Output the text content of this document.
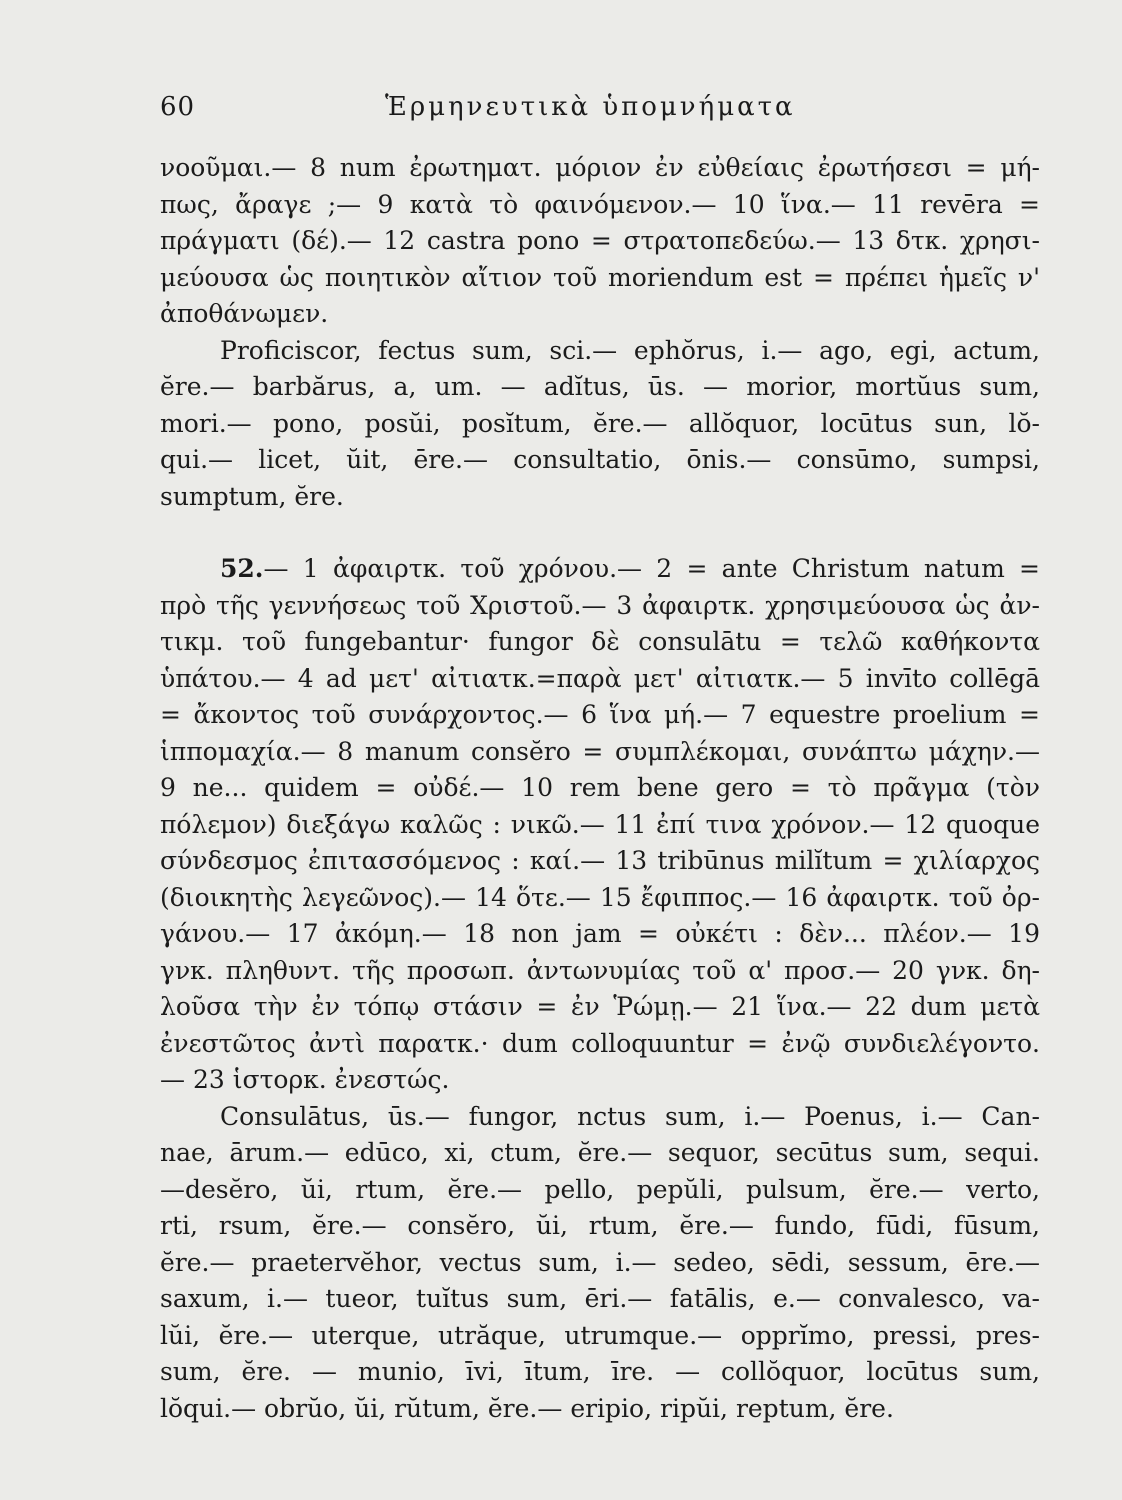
60	Ἑρμηνευτικὰ ὑπομνήματα
νοοῦμαι.— 8 num ἐρωτηματ. μόριον ἐν εὐθείαις ἐρωτήσεσι = μή-
πως, ἄραγε ;— 9 κατὰ τὸ φαινόμενον.— 10 ἵνα.— 11 revēra =
πράγματι (δέ).— 12 castra pono = στρατοπεδεύω.— 13 δτκ. χρησι-
μεύουσα ὡς ποιητικὸν αἴτιον τοῦ moriendum est = πρέπει ἡμεῖς ν'
ἀποθάνωμεν.
Proficiscor, fectus sum, sci.— ephŏrus, i.— ago, egi, actum,
ĕre.— barbărus, a, um. — adĭtus, ūs. — morior, mortŭus sum,
mori.— pono, posŭi, posĭtum, ĕre.— allŏquor, locūtus sun, lŏ-
qui.— licet, ŭit, ēre.— consultatio, ōnis.— consūmo, sumpsi,
sumptum, ĕre.
52.— 1 ἀφαιρτκ. τοῦ χρόνου.— 2 = ante Christum natum =
πρὸ τῆς γεννήσεως τοῦ Χριστοῦ.— 3 ἀφαιρτκ. χρησιμεύουσα ὡς ἀν-
τικμ. τοῦ fungebantur· fungor δὲ consulātu = τελῶ καθήκοντα
ὑπάτου.— 4 ad μετ' αἰτιατκ.=παρὰ μετ' αἰτιατκ.— 5 invīto collēgā
= ἄκοντος τοῦ συνάρχοντος.— 6 ἵνα μή.— 7 equestre proelium =
ἱππομαχία.— 8 manum consĕro = συμπλέκομαι, συνάπτω μάχην.—
9 ne... quidem = οὐδέ.— 10 rem bene gero = τὸ πρᾶγμα (τὸν
πόλεμον) διεξάγω καλῶς : νικῶ.— 11 ἐπί τινα χρόνον.— 12 quoque
σύνδεσμος ἐπιτασσόμενος : καί.— 13 tribūnus milĭtum = χιλίαρχος
(διοικητὴς λεγεῶνος).— 14 ὅτε.— 15 ἔφιππος.— 16 ἀφαιρτκ. τοῦ ὀρ-
γάνου.— 17 ἀκόμη.— 18 non jam = οὐκέτι : δὲν... πλέον.— 19
γνκ. πληθυντ. τῆς προσωπ. ἀντωνυμίας τοῦ α' προσ.— 20 γνκ. δη-
λοῦσα τὴν ἐν τόπῳ στάσιν = ἐν Ῥώμῃ.— 21 ἵνα.— 22 dum μετὰ
ἐνεστῶτος ἀντὶ παρατκ.· dum colloquuntur = ἐνῷ συνδιελέγοντο.
— 23 ἱστορκ. ἐνεστώς.
Consulātus, ūs.— fungor, nctus sum, i.— Poenus, i.— Can-
nae, ārum.— edūco, xi, ctum, ĕre.— sequor, secūtus sum, sequi.
—desĕro, ŭi, rtum, ĕre.— pello, pepŭli, pulsum, ĕre.— verto,
rti, rsum, ĕre.— consĕro, ŭi, rtum, ĕre.— fundo, fūdi, fūsum,
ĕre.— praetervĕhor, vectus sum, i.— sedeo, sēdi, sessum, ēre.—
saxum, i.— tueor, tuĭtus sum, ēri.— fatālis, e.— convalesco, va-
lŭi, ĕre.— uterque, utrăque, utrumque.— opprĭmo, pressi, pres-
sum, ĕre. — munio, īvi, ītum, īre. — collŏquor, locūtus sum,
lŏqui.— obrŭo, ŭi, rŭtum, ĕre.— eripio, ripŭi, reptum, ĕre.
